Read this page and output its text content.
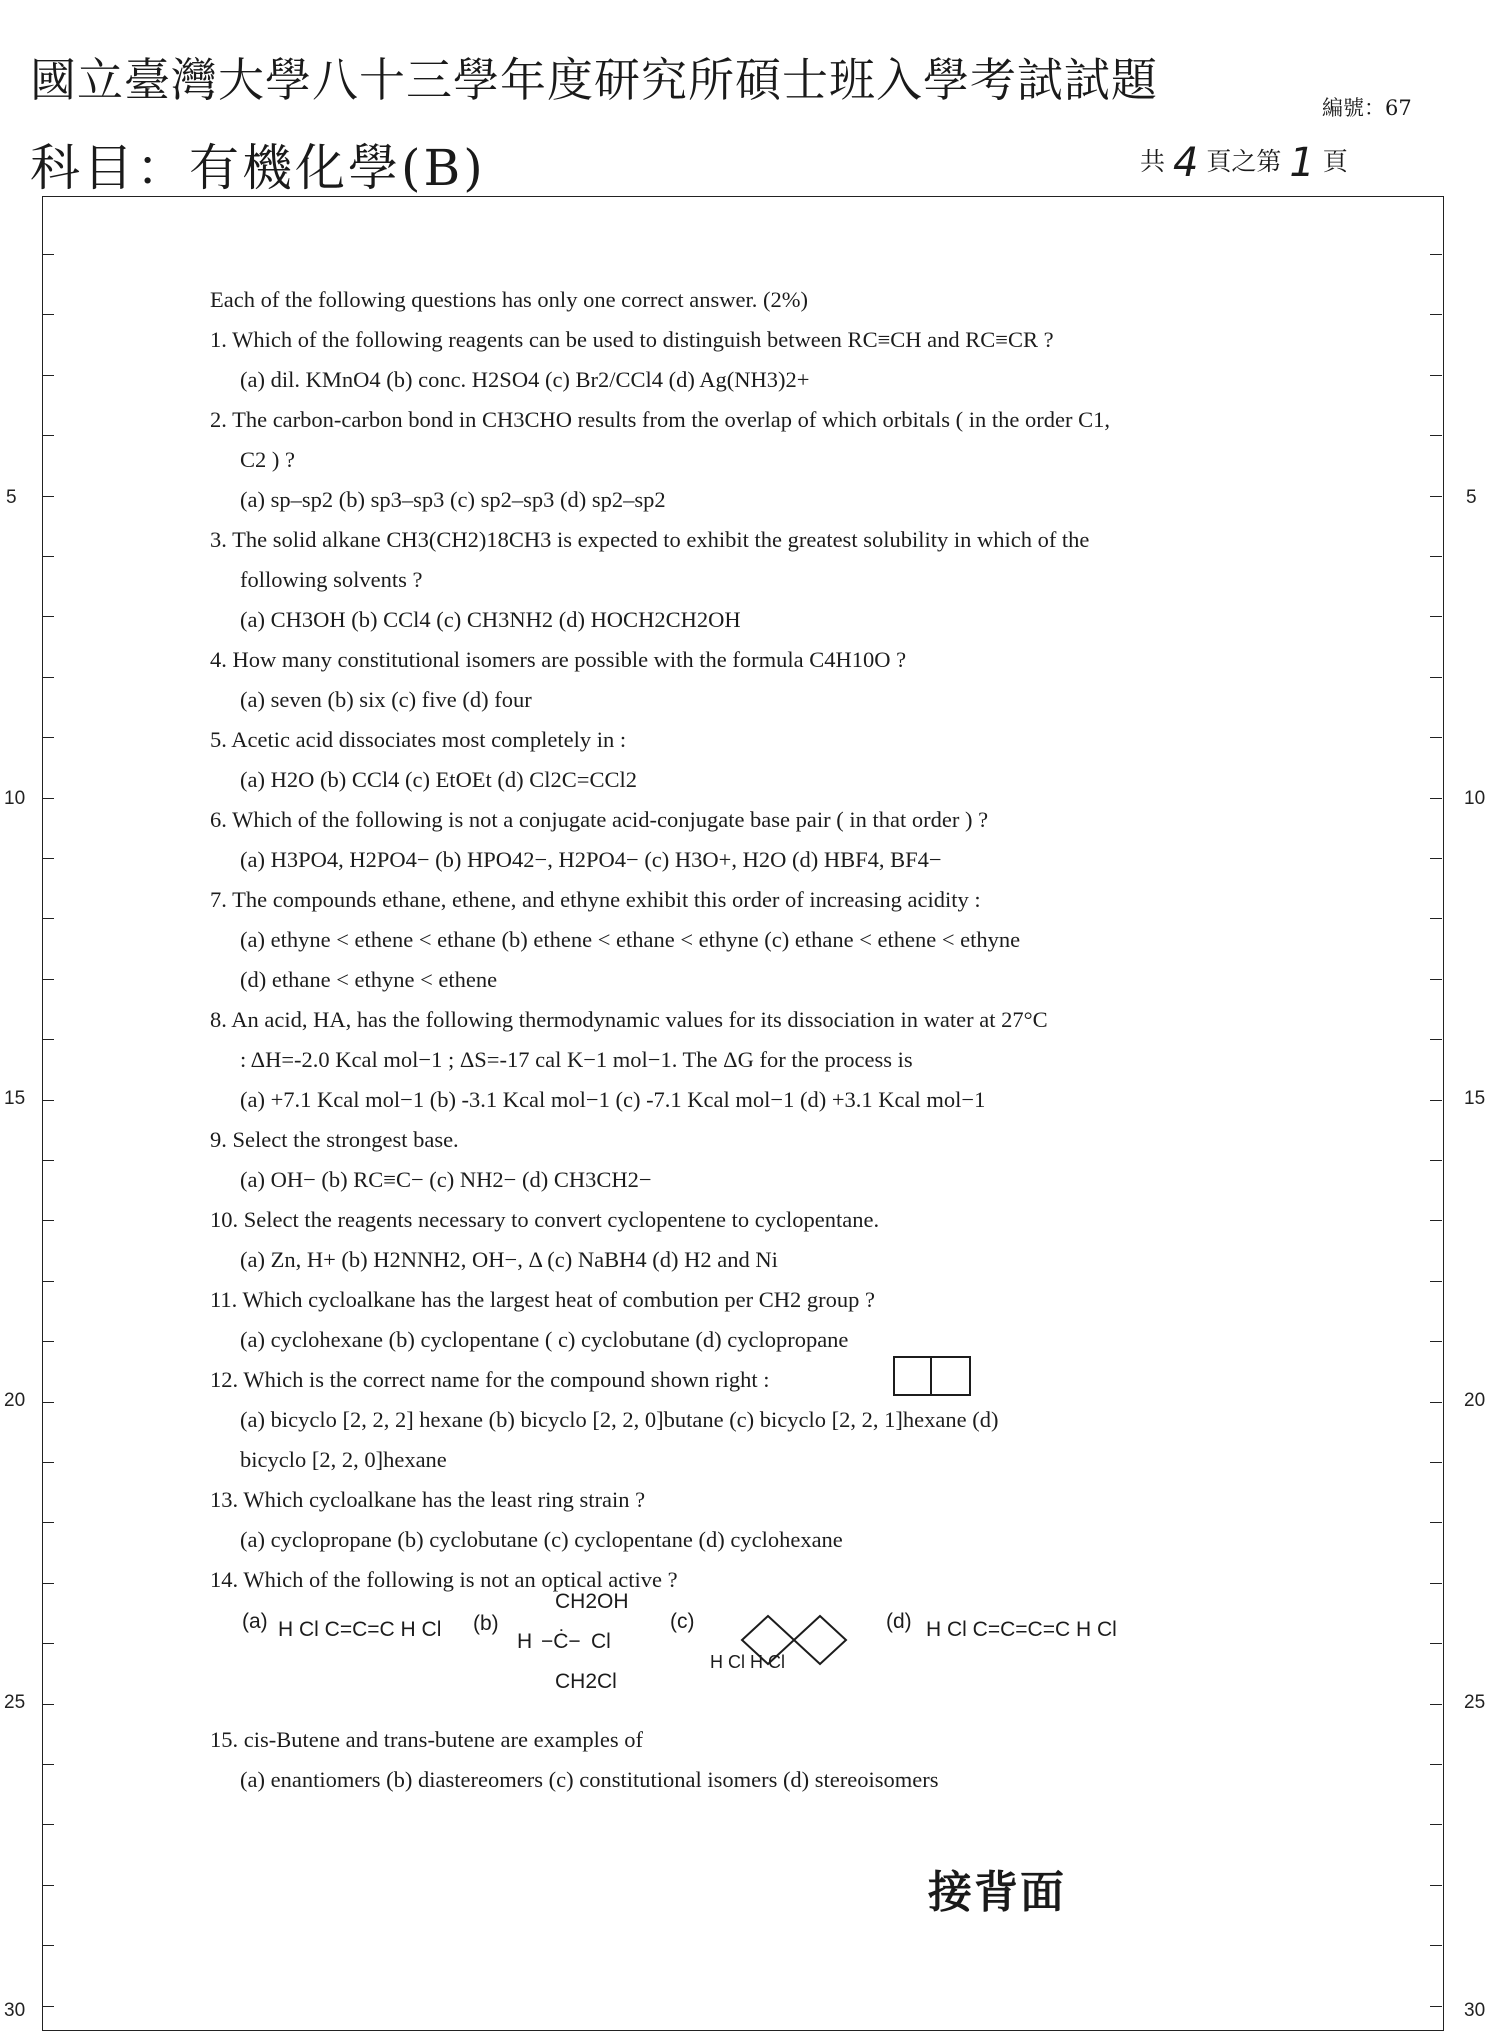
國立臺灣大學八十三學年度研究所碩士班入學考試試題
科目：有機化學(B)
編號：67
共 4 頁之第 1 頁
5	5
10	10
15	15
20	20
25	25
30	30

Each of the following questions has only one correct answer. (2%)

1. Which of the following reagents can be used to distinguish between RC≡CH and RC≡CR ?

(a) dil. KMnO4 (b) conc. H2SO4 (c) Br2/CCl4 (d) Ag(NH3)2+

2. The carbon-carbon bond in CH3CHO results from the overlap of which orbitals ( in the order C1,

C2 ) ?

(a) sp–sp2 (b) sp3–sp3 (c) sp2–sp3 (d) sp2–sp2

3. The solid alkane CH3(CH2)18CH3 is expected to exhibit the greatest solubility in which of the

following solvents ?

(a) CH3OH (b) CCl4 (c) CH3NH2 (d) HOCH2CH2OH

4. How many constitutional isomers are possible with the formula C4H10O ?

(a) seven (b) six (c) five (d) four

5. Acetic acid dissociates most completely in :

(a) H2O (b) CCl4 (c) EtOEt (d) Cl2C=CCl2

6. Which of the following is not a conjugate acid-conjugate base pair ( in that order ) ?

(a) H3PO4, H2PO4− (b) HPO42−, H2PO4− (c) H3O+, H2O (d) HBF4, BF4−

7. The compounds ethane, ethene, and ethyne exhibit this order of increasing acidity :

(a) ethyne < ethene < ethane (b) ethene < ethane < ethyne (c) ethane < ethene < ethyne

(d) ethane < ethyne < ethene

8. An acid, HA, has the following thermodynamic values for its dissociation in water at 27°C

: ΔH=-2.0 Kcal mol−1 ; ΔS=-17 cal K−1 mol−1. The ΔG for the process is

(a) +7.1 Kcal mol−1 (b) -3.1 Kcal mol−1 (c) -7.1 Kcal mol−1 (d) +3.1 Kcal mol−1

9. Select the strongest base.

(a) OH− (b) RC≡C− (c) NH2− (d) CH3CH2−

10. Select the reagents necessary to convert cyclopentene to cyclopentane.

(a) Zn, H+ (b) H2NNH2, OH−, Δ (c) NaBH4 (d) H2 and Ni

11. Which cycloalkane has the largest heat of combution per CH2 group ?

(a) cyclohexane (b) cyclopentane ( c) cyclobutane (d) cyclopropane

12. Which is the correct name for the compound shown right :

(a) bicyclo [2, 2, 2] hexane (b) bicyclo [2, 2, 0]butane (c) bicyclo [2, 2, 1]hexane (d)

bicyclo [2, 2, 0]hexane

13. Which cycloalkane has the least ring strain ?

(a) cyclopropane (b) cyclobutane (c) cyclopentane (d) cyclohexane

14. Which of the following is not an optical active ?

15. cis-Butene and trans-butene are examples of

(a) enantiomers (b) diastereomers (c) constitutional isomers (d) stereoisomers

(a) H Cl C=C=C H Cl (b)
CH2OH
H −Ċ− Cl
CH2Cl
(c)
H Cl H Cl
(d) H Cl C=C=C=C H Cl
接背面
